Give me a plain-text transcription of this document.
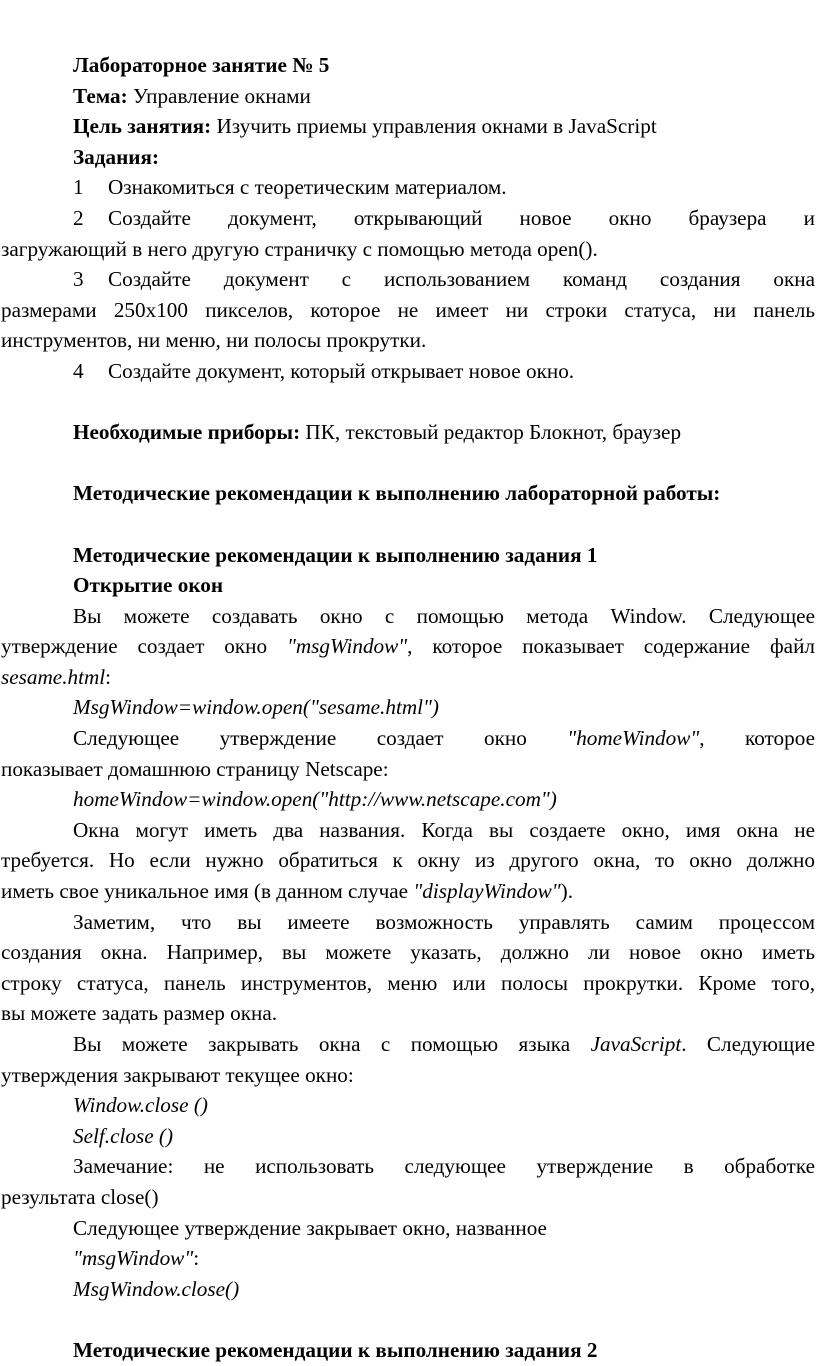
Лабораторное занятие № 5

Тема: Управление окнами

Цель занятия: Изучить приемы управления окнами в JavaScript

Задания:

1 Ознакомиться с теоретическим материалом.

2 Создайте документ, открывающий новое окно браузера и

загружающий в него другую страничку с помощью метода open().

3 Создайте документ с использованием команд создания окна

размерами 250х100 пикселов, которое не имеет ни строки статуса, ни панель

инструментов, ни меню, ни полосы прокрутки.

4 Создайте документ, который открывает новое окно.

Необходимые приборы: ПК, текстовый редактор Блокнот, браузер

Методические рекомендации к выполнению лабораторной работы:

Методические рекомендации к выполнению задания 1

Открытие окон

Вы можете создавать окно с помощью метода Window. Следующее

утверждение создает окно "msgWindow", которое показывает содержание файл

sesame.html:

MsgWindow=window.open("sesame.html")

Следующее утверждение создает окно "homeWindow", которое

показывает домашнюю страницу Netscape:

homeWindow=window.open("http://www.netscape.com")

Окна могут иметь два названия. Когда вы создаете окно, имя окна не

требуется. Но если нужно обратиться к окну из другого окна, то окно должно

иметь свое уникальное имя (в данном случае "displayWindow").

Заметим, что вы имеете возможность управлять самим процессом

создания окна. Например, вы можете указать, должно ли новое окно иметь

строку статуса, панель инструментов, меню или полосы прокрутки. Кроме того,

вы можете задать размер окна.

Вы можете закрывать окна с помощью языка JavaScript. Следующие

утверждения закрывают текущее окно:

Window.close ()

Self.close ()

Замечание: не использовать следующее утверждение в обработке

результата close()

Следующее утверждение закрывает окно, названное

"msgWindow":

MsgWindow.close()

Методические рекомендации к выполнению задания 2
